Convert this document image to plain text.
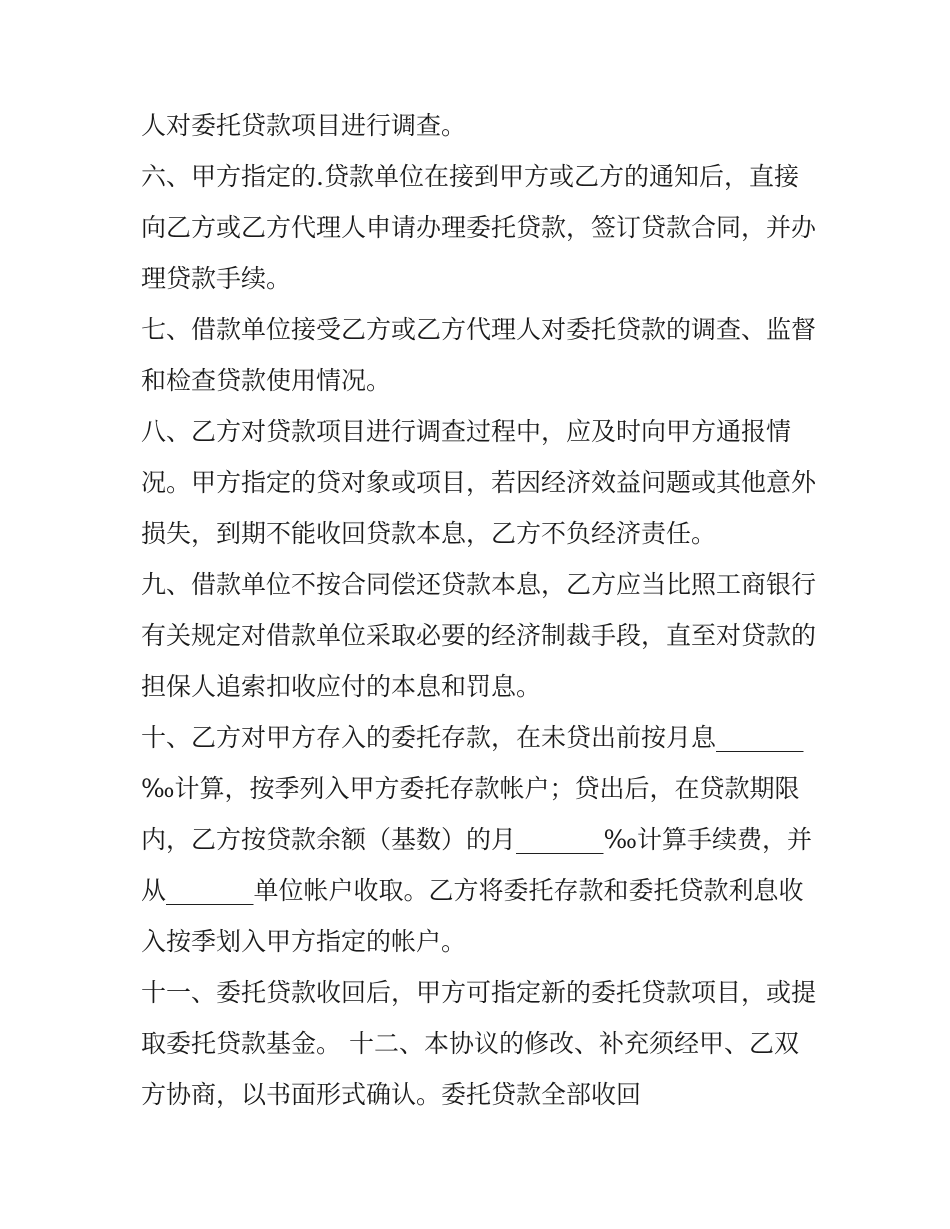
人对委托贷款项目进行调查。
六、甲方指定的.贷款单位在接到甲方或乙方的通知后，直接
向乙方或乙方代理人申请办理委托贷款，签订贷款合同，并办
理贷款手续。
七、借款单位接受乙方或乙方代理人对委托贷款的调查、监督
和检查贷款使用情况。
八、乙方对贷款项目进行调查过程中，应及时向甲方通报情
况。甲方指定的贷对象或项目，若因经济效益问题或其他意外
损失，到期不能收回贷款本息，乙方不负经济责任。
九、借款单位不按合同偿还贷款本息，乙方应当比照工商银行
有关规定对借款单位采取必要的经济制裁手段，直至对贷款的
担保人追索扣收应付的本息和罚息。
十、乙方对甲方存入的委托存款，在未贷出前按月息_______
‰计算，按季列入甲方委托存款帐户；贷出后，在贷款期限
内，乙方按贷款余额（基数）的月_______‰计算手续费，并
从_______单位帐户收取。乙方将委托存款和委托贷款利息收
入按季划入甲方指定的帐户。
十一、委托贷款收回后，甲方可指定新的委托贷款项目，或提
取委托贷款基金。 十二、本协议的修改、补充须经甲、乙双
方协商，以书面形式确认。委托贷款全部收回
